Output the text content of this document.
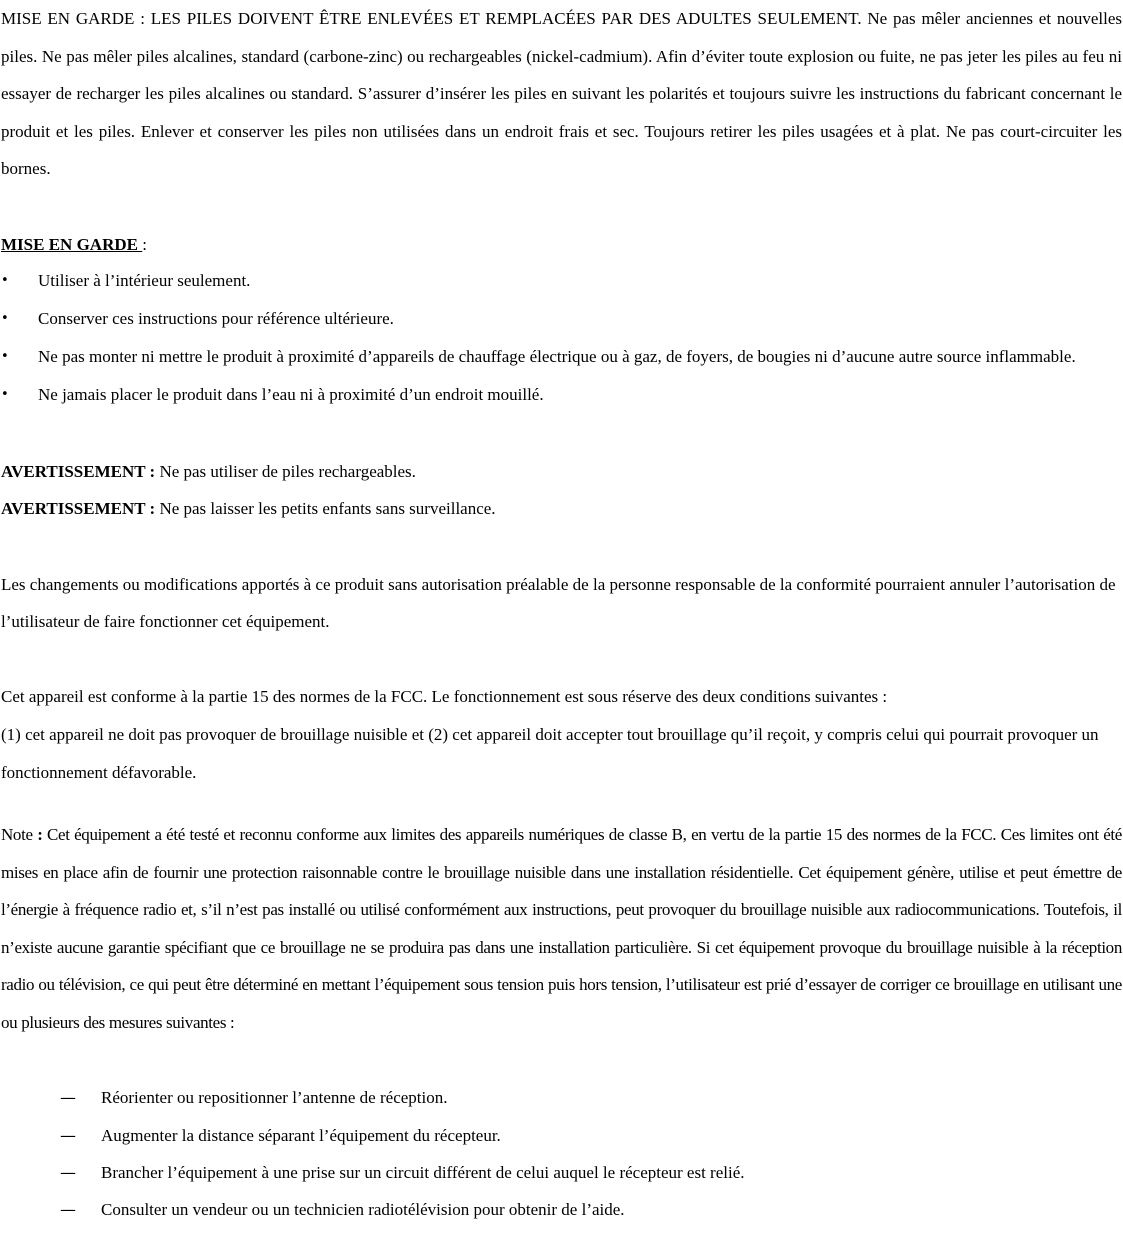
MISE EN GARDE : LES PILES DOIVENT ÊTRE ENLEVÉES ET REMPLACÉES PAR DES ADULTES SEULEMENT. Ne pas mêler anciennes et nouvelles piles. Ne pas mêler piles alcalines, standard (carbone-zinc) ou rechargeables (nickel-cadmium). Afin d’éviter toute explosion ou fuite, ne pas jeter les piles au feu ni essayer de recharger les piles alcalines ou standard. S’assurer d’insérer les piles en suivant les polarités et toujours suivre les instructions du fabricant concernant le produit et les piles. Enlever et conserver les piles non utilisées dans un endroit frais et sec. Toujours retirer les piles usagées et à plat. Ne pas court-circuiter les bornes.

MISE EN GARDE :

•	Utiliser à l’intérieur seulement.
•	Conserver ces instructions pour référence ultérieure.
•	Ne pas monter ni mettre le produit à proximité d’appareils de chauffage électrique ou à gaz, de foyers, de bougies ni d’aucune autre source inflammable.
•	Ne jamais placer le produit dans l’eau ni à proximité d’un endroit mouillé.

AVERTISSEMENT : Ne pas utiliser de piles rechargeables.

AVERTISSEMENT : Ne pas laisser les petits enfants sans surveillance.

Les changements ou modifications apportés à ce produit sans autorisation préalable de la personne responsable de la conformité pourraient annuler l’autorisation de l’utilisateur de faire fonctionner cet équipement.

Cet appareil est conforme à la partie 15 des normes de la FCC. Le fonctionnement est sous réserve des deux conditions suivantes :

(1) cet appareil ne doit pas provoquer de brouillage nuisible et (2) cet appareil doit accepter tout brouillage qu’il reçoit, y compris celui qui pourrait provoquer un fonctionnement défavorable.

Note : Cet équipement a été testé et reconnu conforme aux limites des appareils numériques de classe B, en vertu de la partie 15 des normes de la FCC. Ces limites ont été mises en place afin de fournir une protection raisonnable contre le brouillage nuisible dans une installation résidentielle. Cet équipement génère, utilise et peut émettre de l’énergie à fréquence radio et, s’il n’est pas installé ou utilisé conformément aux instructions, peut provoquer du brouillage nuisible aux radiocommunications. Toutefois, il n’existe aucune garantie spécifiant que ce brouillage ne se produira pas dans une installation particulière. Si cet équipement provoque du brouillage nuisible à la réception radio ou télévision, ce qui peut être déterminé en mettant l’équipement sous tension puis hors tension, l’utilisateur est prié d’essayer de corriger ce brouillage en utilisant une ou plusieurs des mesures suivantes :

— Réorienter ou repositionner l’antenne de réception.
— Augmenter la distance séparant l’équipement du récepteur.
— Brancher l’équipement à une prise sur un circuit différent de celui auquel le récepteur est relié.
— Consulter un vendeur ou un technicien radiotélévision pour obtenir de l’aide.
